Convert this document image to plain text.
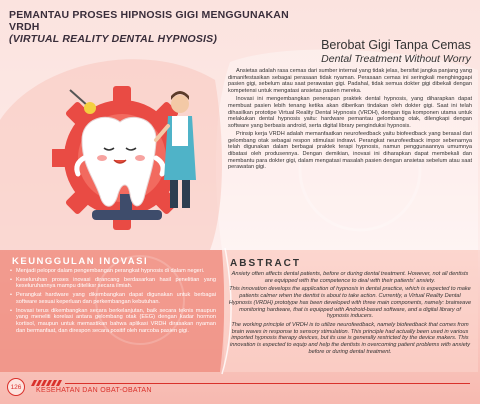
PEMANTAU PROSES HIPNOSIS GIGI MENGGUNAKAN VRDH
(VIRTUAL REALITY DENTAL HYPNOSIS)	Berobat Gigi Tanpa Cemas
Dental Treatment Without Worry

Ansietas adalah rasa cemas dari sumber internal yang tidak jelas, bersifat jangka panjang yang dimanifestasikan sebagai perasaan tidak nyaman. Perasaan cemas ini seringkali menghinggapi pasien gigi, sebelum atau saat perawatan gigi. Padahal, tidak semua dokter gigi dibekali dengan kompetensi untuk mengatasi ansietas pasien mereka.

Inovasi ini mengembangkan penerapan praktek dental hypnosis, yang diharapkan dapat membuat pasien lebih tenang ketika akan diberikan tindakan oleh dokter gigi. Saat ini telah dihasilkan prototipe Virtual Reality Dental Hypnosis (VRDH), dengan tiga komponen utama untuk melakukan dental hypnosis yaitu: hardware pemantau gelombang otak, dilengkapi dengan software yang berbasis android, serta digital library penginduksi hypnosis.

Prinsip kerja VRDH adalah memanfaatkan neurofeedback yaitu biofeedback yang berasal dari gelombang otak sebagai respon stimulasi indrawi. Perangkat neurofeedback impor sebenarnya telah digunakan dalam berbagai praktek terapi hypnosis, namun penggunaannya umumnya dibatasi oleh produsennya. Dengan demikian, inovasi ini diharapkan dapat membekali dan membantu para dokter gigi, dalam mengatasi masalah pasien dengan ansietas sebelum atau saat perawatan gigi.

ABSTRACT

Anxiety often affects dental patients, before or during dental treatment. However, not all dentists are equipped with the competence to deal with their patients' anxiety.

This innovation develops the application of hypnosis in dental practice, which is expected to make patients calmer when the dentist is about to take action. Currently, a Virtual Reality Dental Hypnosis (VRDH) prototype has been developed with three main components, namely: brainwave monitoring hardware, that is equipped with Android-based software, and a digital library of hypnosis inducers.

The working principle of VRDH is to utilize neurofeedback, namely biofeedback that comes from brain waves in response to sensory stimulation. This principle had actually been used in various imported hypnosis therapy devices, but its use is generally restricted by the device makers. This innovation is expected to equip and help the dentists in overcoming patient problems with anxiety before or during dental treatment.

KEUNGGULAN INOVASI
• Menjadi pelopor dalam pengembangan perangkat hypnosis di dalam negeri.
• Keseluruhan proses inovasi dirancang berdasarkan hasil penelitian yang keseluruhannya mampu diteliksr secara ilmiah.
• Perangkat hardware yang dikembangkan dapat digunakan untuk berbagai software sesuai keperluan dan perkembangan kebutuhan.
• Inovasi terus dikembangkan secara berkelanjutan, baik secara teknis maupun yang meneliti korelasi antara gelombang otak (EEG) dengan kadar hormon kortisol, maupun untuk memastikan bahwa aplikasi VRDH dirasakan nyaman dan bermanfaat, dan direspon secara positif oleh narcoba pasien gigi.
126	KESEHATAN DAN OBAT-OBATAN
